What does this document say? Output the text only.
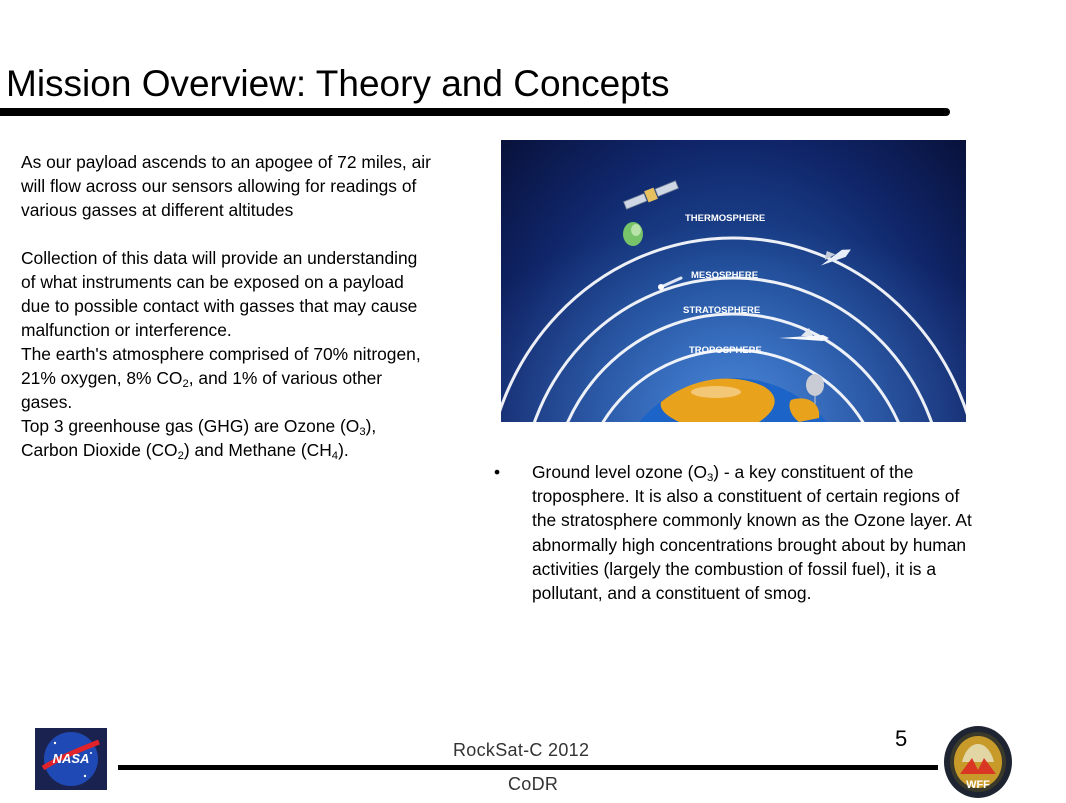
Mission Overview: Theory and Concepts

As our payload ascends to an apogee of 72 miles, air will flow across our sensors allowing for readings of various gasses at different altitudes

Collection of this data will provide an understanding of what instruments can be exposed on a payload due to possible contact with gasses that may cause malfunction or interference.

The earth's atmosphere comprised of 70% nitrogen, 21% oxygen, 8% $CO_2$, and 1% of various other gases.

Top 3 greenhouse gas (GHG) are Ozone $(O_3)$, Carbon Dioxide $(CO_2)$ and Methane $(CH_4)$.

THERMOSPHERE
MESOSPHERE
STRATOSPHERE
TROPOSPHERE
• Ground level ozone $(O_3)$ - a key constituent of the troposphere. It is also a constituent of certain regions of the stratosphere commonly known as the Ozone layer. At abnormally high concentrations brought about by human activities (largely the combustion of fossil fuel), it is a pollutant, and a constituent of smog.
5
NASA	RockSat-C 2012
CoDR	WFF
